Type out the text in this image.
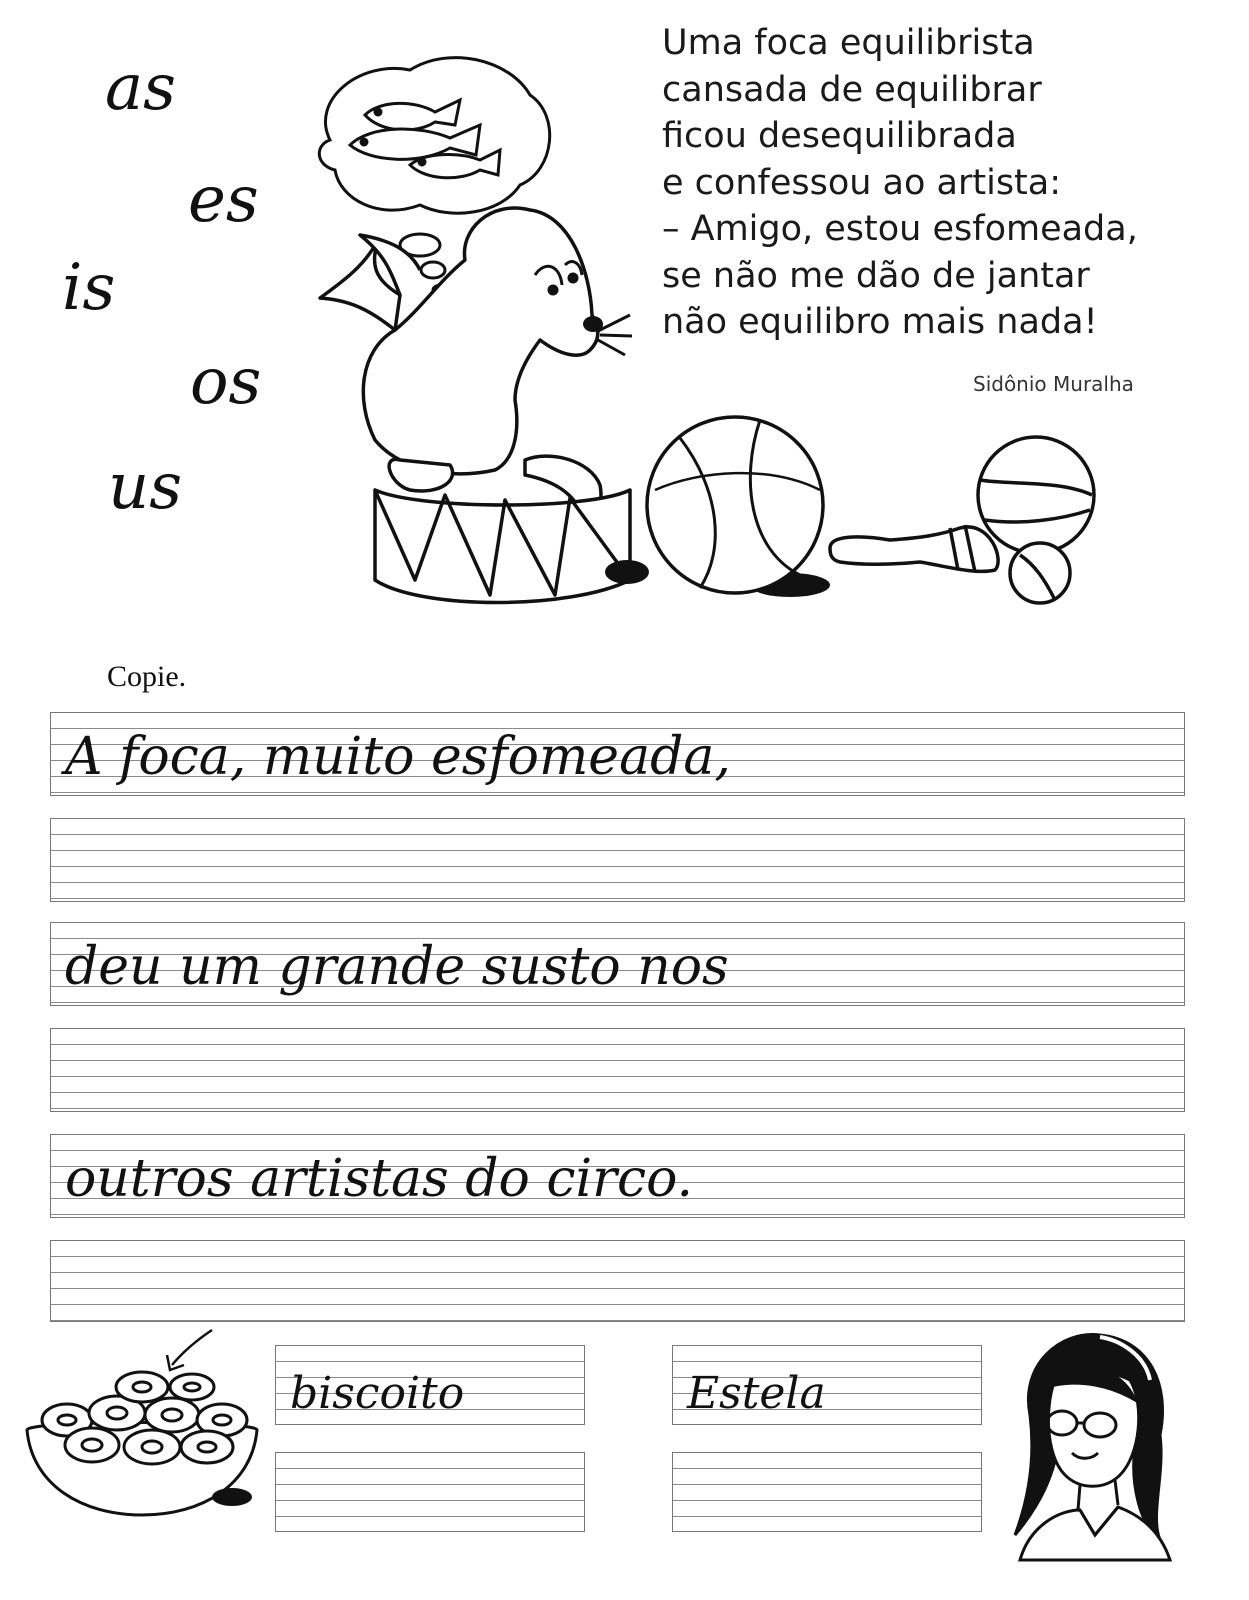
as
es
is
os
us
Uma foca equilibrista
cansada de equilibrar
ficou desequilibrada
e confessou ao artista:
– Amigo, estou esfomeada,
se não me dão de jantar
não equilibro mais nada!
Sidônio Muralha
Copie.
A foca, muito esfomeada,
deu um grande susto nos
outros artistas do circo.
biscoito	Estela
